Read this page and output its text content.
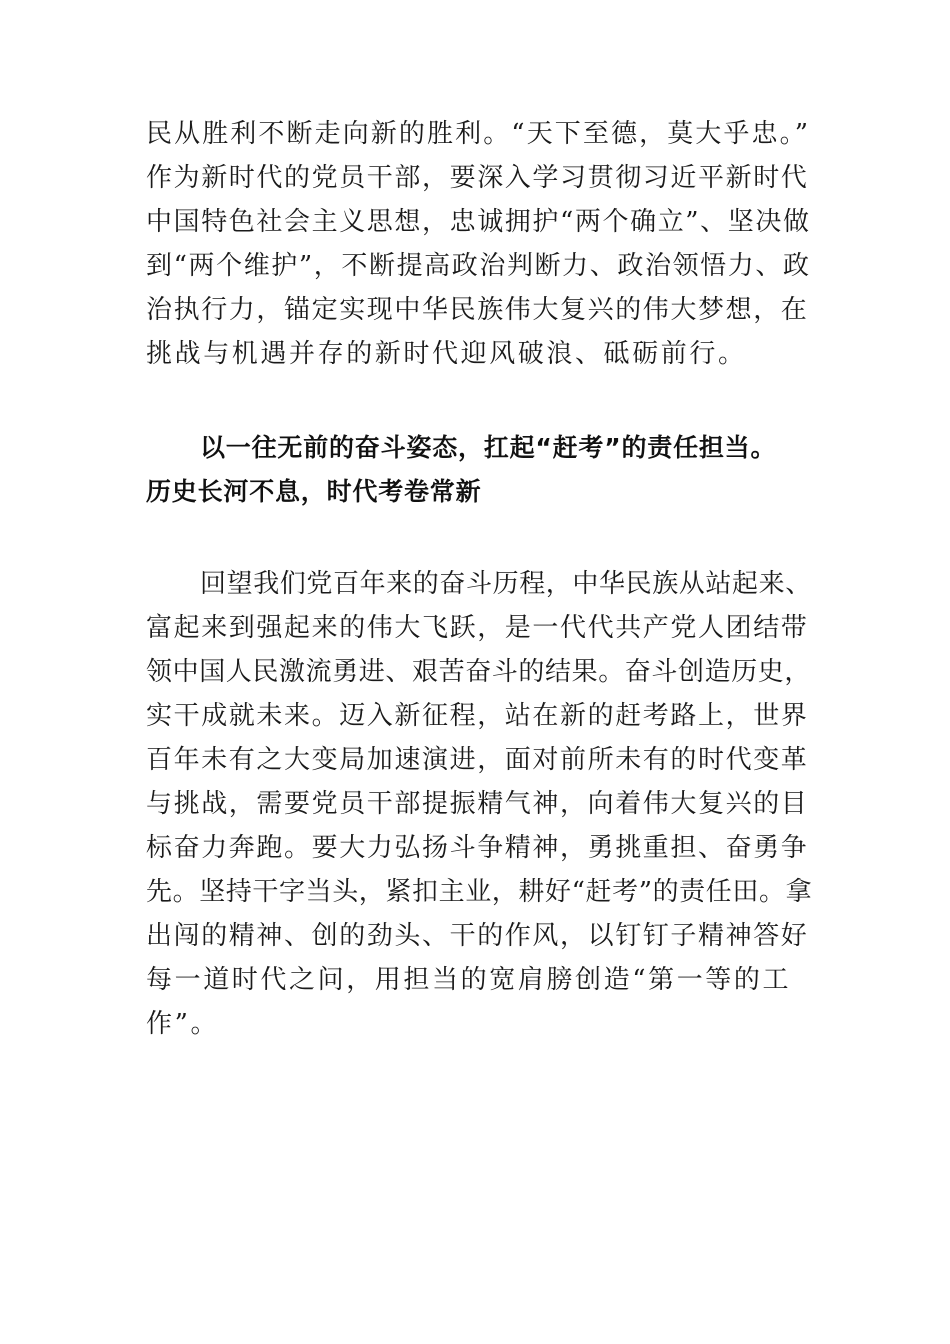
民从胜利不断走向新的胜利。“天下至德，莫大乎忠。”
作为新时代的党员干部，要深入学习贯彻习近平新时代
中国特色社会主义思想，忠诚拥护“两个确立”、坚决做
到“两个维护”，不断提高政治判断力、政治领悟力、政
治执行力，锚定实现中华民族伟大复兴的伟大梦想，在
挑战与机遇并存的新时代迎风破浪、砥砺前行。
以一往无前的奋斗姿态，扛起“赶考”的责任担当。
历史长河不息，时代考卷常新
回望我们党百年来的奋斗历程，中华民族从站起来、
富起来到强起来的伟大飞跃，是一代代共产党人团结带
领中国人民激流勇进、艰苦奋斗的结果。奋斗创造历史，
实干成就未来。迈入新征程，站在新的赶考路上，世界
百年未有之大变局加速演进，面对前所未有的时代变革
与挑战，需要党员干部提振精气神，向着伟大复兴的目
标奋力奔跑。要大力弘扬斗争精神，勇挑重担、奋勇争
先。坚持干字当头，紧扣主业，耕好“赶考”的责任田。拿
出闯的精神、创的劲头、干的作风，以钉钉子精神答好
每一道时代之问，用担当的宽肩膀创造“第一等的工
作”。
